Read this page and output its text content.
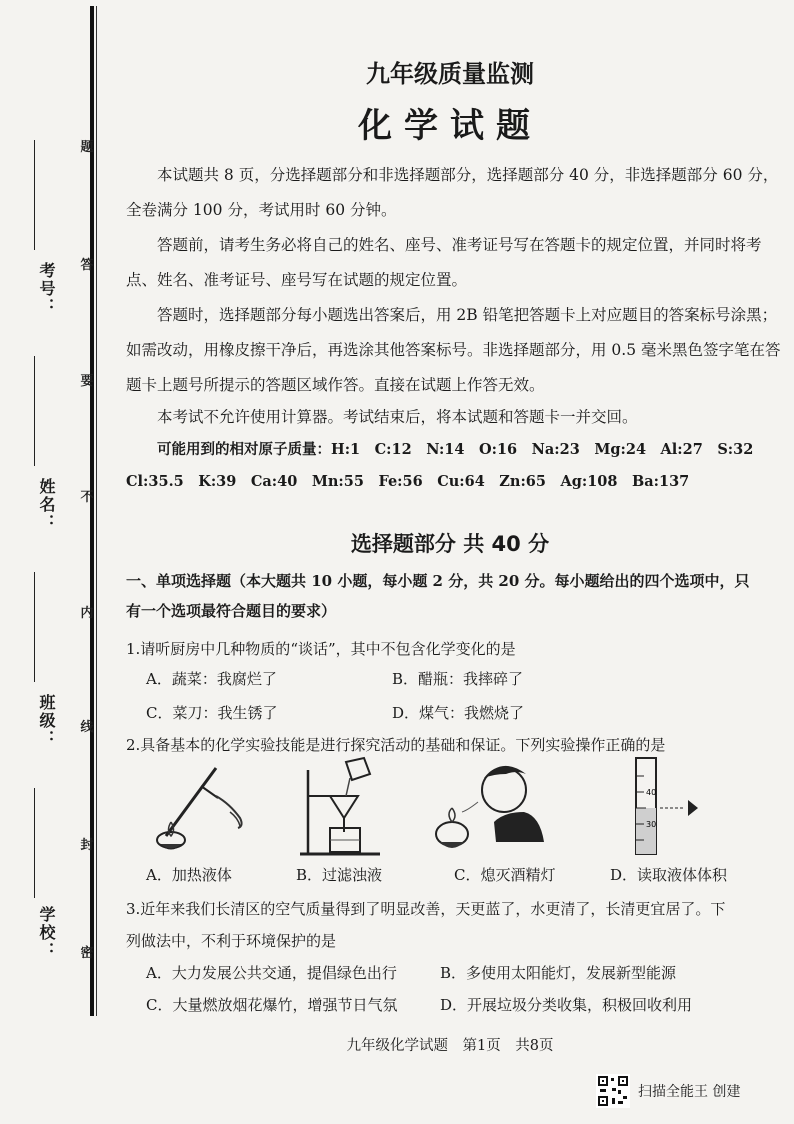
考号：
姓名：
班级：
学校：
题
答
要
不
内
线
封
密
九年级质量监测
化学试题
本试题共 8 页，分选择题部分和非选择题部分，选择题部分 40 分，非选择题部分 60 分，全卷满分 100 分，考试用时 60 分钟。
答题前，请考生务必将自己的姓名、座号、准考证号写在答题卡的规定位置，并同时将考点、姓名、准考证号、座号写在试题的规定位置。
答题时，选择题部分每小题选出答案后，用 2B 铅笔把答题卡上对应题目的答案标号涂黑；如需改动，用橡皮擦干净后，再选涂其他答案标号。非选择题部分，用 0.5 毫米黑色签字笔在答题卡上题号所提示的答题区域作答。直接在试题上作答无效。
本考试不允许使用计算器。考试结束后，将本试题和答题卡一并交回。
可能用到的相对原子质量：H:1　C:12　N:14　O:16　Na:23　Mg:24　Al:27　S:32
Cl:35.5　K:39　Ca:40　Mn:55　Fe:56　Cu:64　Zn:65　Ag:108　Ba:137
选择题部分 共 40 分
一、单项选择题（本大题共 10 小题，每小题 2 分，共 20 分。每小题给出的四个选项中，只
有一个选项最符合题目的要求）
1.请听厨房中几种物质的“谈话”，其中不包含化学变化的是
A．蔬菜：我腐烂了	B．醋瓶：我摔碎了
C．菜刀：我生锈了	D．煤气：我燃烧了
2.具备基本的化学实验技能是进行探究活动的基础和保证。下列实验操作正确的是
40
30
A．加热液体	B．过滤浊液	C．熄灭酒精灯	D．读取液体体积
3.近年来我们长清区的空气质量得到了明显改善，天更蓝了，水更清了，长清更宜居了。下
列做法中，不利于环境保护的是
A．大力发展公共交通，提倡绿色出行	B．多使用太阳能灯，发展新型能源
C．大量燃放烟花爆竹，增强节日气氛	D．开展垃圾分类收集，积极回收利用
九年级化学试题　第1页　共8页
扫描全能王 创建
